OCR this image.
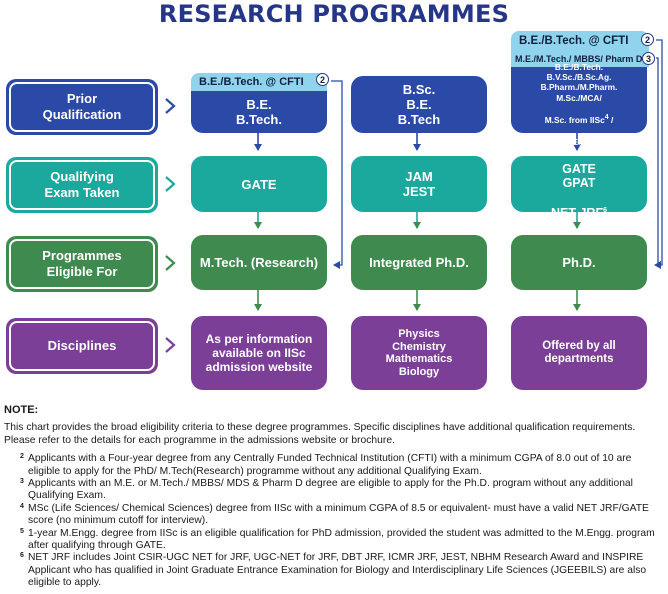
RESEARCH PROGRAMMES
Prior
Qualification
Qualifying
Exam Taken
Programmes
Eligible For
Disciplines
B.E./B.Tech. @ CFTI	2
B.E.
B.Tech.
GATE
M.Tech. (Research)
As per information
available on IISc
admission website
B.Sc.
B.E.
B.Tech
JAM
JEST
Integrated Ph.D.
Physics
Chemistry
Mathematics
Biology
B.E./B.Tech. @ CFTI	2
M.E./M.Tech./ MBBS/ Pharm D 3

B.E./B.Tech.
B.V.Sc./B.Sc.Ag.
B.Pharm./M.Pharm.
M.Sc./MCA/

M.Sc. from IISc$^4$ /

M. Engg$^5$

GATE
GPAT

NET JRF$^6$

Ph.D.
Offered by all
departments
NOTE:
This chart provides the broad eligibility criteria to these degree programmes. Specific disciplines have additional qualification requirements. Please refer to the details for each programme in the admissions website or brochure.
2 Applicants with a Four-year degree from any Centrally Funded Technical Institution (CFTI) with a minimum CGPA of 8.0 out of 10 are eligible to apply for the PhD/ M.Tech(Research) programme without any additional Qualifying Exam.
3 Applicants with an M.E. or M.Tech./ MBBS/ MDS & Pharm D degree are eligible to apply for the Ph.D. program without any additional Qualifying Exam.
4 MSc (Life Sciences/ Chemical Sciences) degree from IISc with a minimum CGPA of 8.5 or equivalent- must have a valid NET JRF/GATE score (no minimum cutoff for interview).
5 1-year M.Engg. degree from IISc is an eligible qualification for PhD admission, provided the student was admitted to the M.Engg. program after qualifying through GATE.
6 NET JRF includes Joint CSIR-UGC NET for JRF, UGC-NET for JRF, DBT JRF, ICMR JRF, JEST, NBHM Research Award and INSPIRE Applicant who has qualified in Joint Graduate Entrance Examination for Biology and Interdisciplinary Life Sciences (JGEEBILS) are also eligible to apply.
